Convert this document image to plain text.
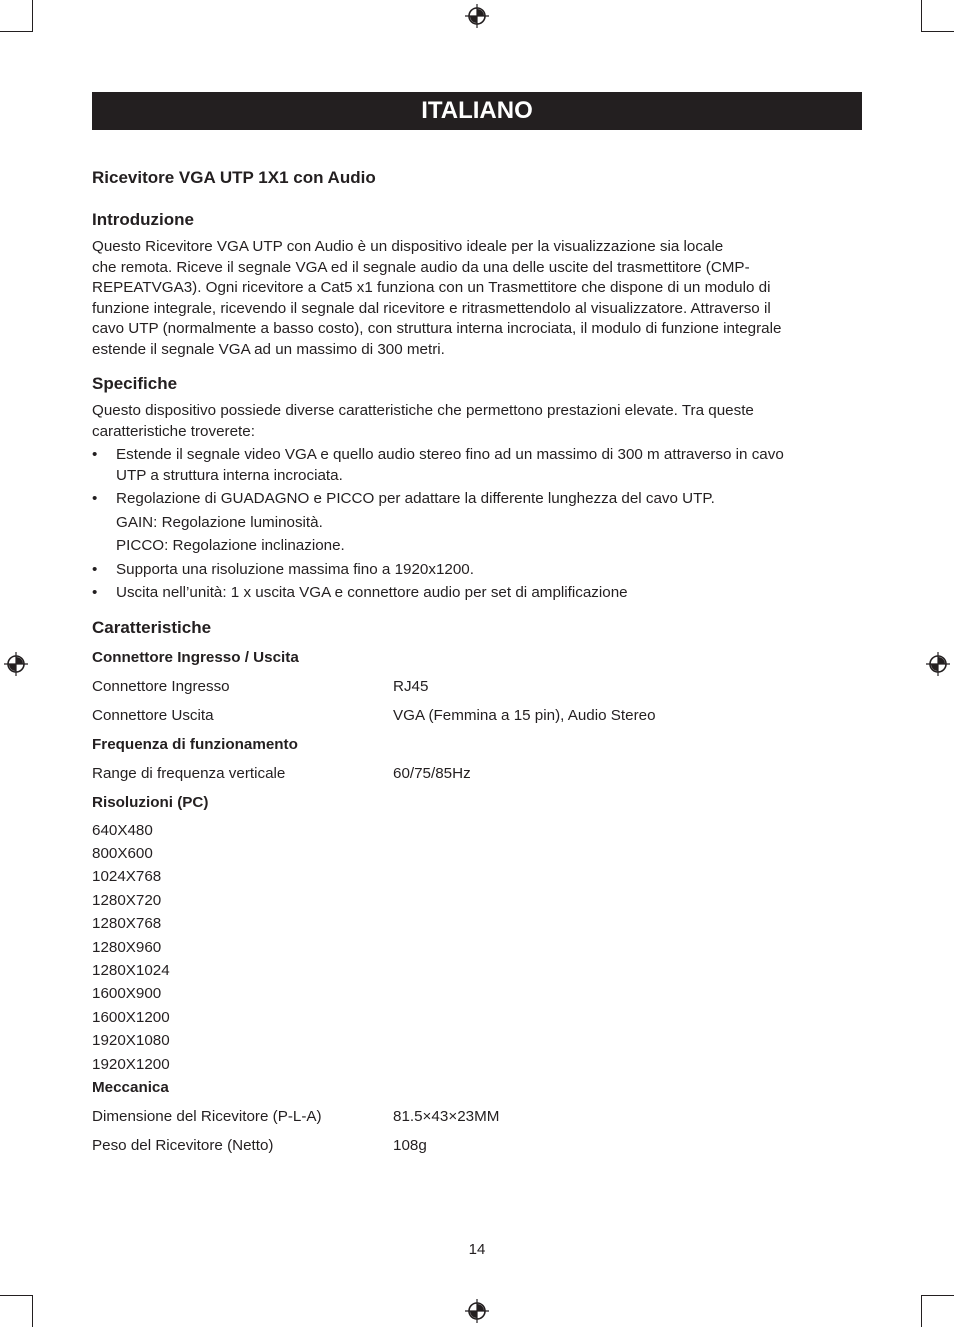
ITALIANO
Ricevitore VGA UTP 1X1 con Audio
Introduzione

Questo Ricevitore VGA UTP con Audio è un dispositivo ideale per la visualizzazione sia locale
che remota. Riceve il segnale VGA ed il segnale audio da una delle uscite del trasmettitore (CMP-
REPEATVGA3). Ogni ricevitore a Cat5 x1 funziona con un Trasmettitore che dispone di un modulo di
funzione integrale, ricevendo il segnale dal ricevitore e ritrasmettendolo al visualizzatore. Attraverso il
cavo UTP (normalmente a basso costo), con struttura interna incrociata, il modulo di funzione integrale
estende il segnale VGA ad un massimo di 300 metri.

Specifiche

Questo dispositivo possiede diverse caratteristiche che permettono prestazioni elevate. Tra queste
caratteristiche troverete:

• Estende il segnale video VGA e quello audio stereo fino ad un massimo di 300 m attraverso in cavo
UTP a struttura interna incrociata.
• Regolazione di GUADAGNO e PICCO per adattare la differente lunghezza del cavo UTP.
GAIN: Regolazione luminosità.
PICCO: Regolazione inclinazione.
• Supporta una risoluzione massima fino a 1920x1200.
• Uscita nell’unità: 1 x uscita VGA e connettore audio per set di amplificazione
Caratteristiche
Connettore Ingresso / Uscita
Connettore Ingresso	RJ45
Connettore Uscita	VGA (Femmina a 15 pin), Audio Stereo
Frequenza di funzionamento
Range di frequenza verticale	60/75/85Hz
Risoluzioni (PC)
640X480
800X600
1024X768
1280X720
1280X768
1280X960
1280X1024
1600X900
1600X1200
1920X1080
1920X1200
Meccanica
Dimensione del Ricevitore (P-L-A)	81.5×43×23MM
Peso del Ricevitore (Netto)	108g
14
